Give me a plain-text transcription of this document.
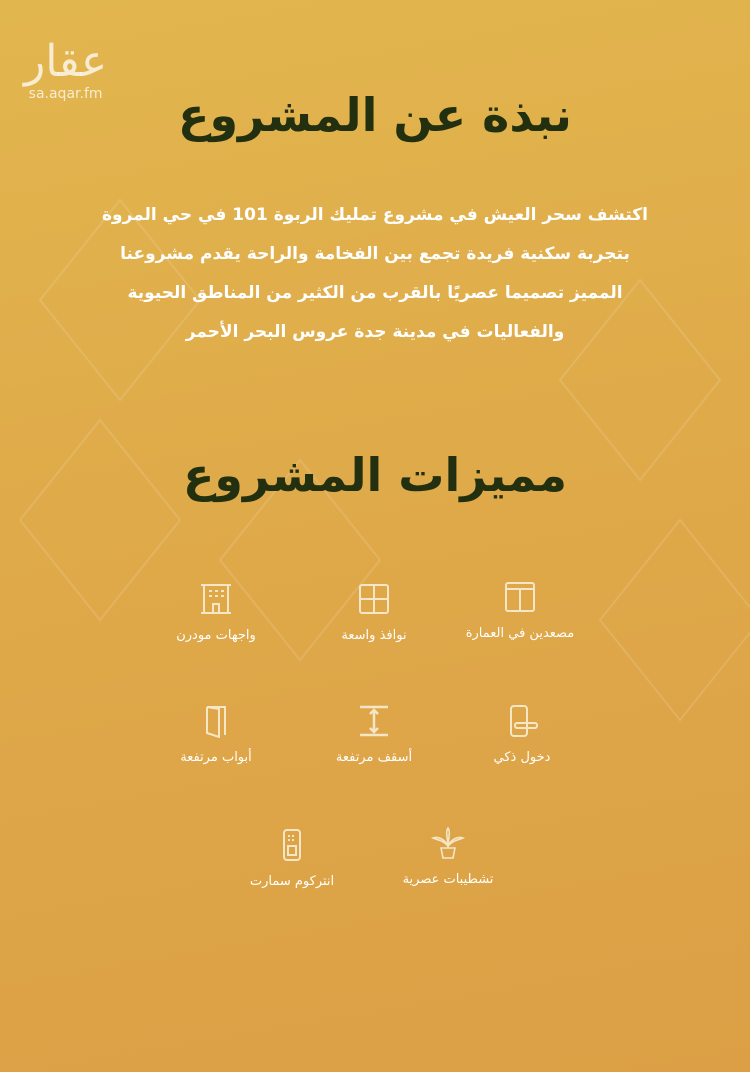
عقار
sa.aqar.fm	نبذة عن المشروع

اكتشف سحر العيش في مشروع تمليك الربوة 101 في حي المروة

بتجربة سكنية فريدة تجمع بين الفخامة والراحة يقدم مشروعنا

المميز تصميما عصريًا بالقرب من الكثير من المناطق الحيوية

والفعاليات في مدينة جدة عروس البحر الأحمر

مميزات المشروع
مصعدين في العمارة
نوافذ واسعة
واجهات مودرن
دخول ذكي
أسقف مرتفعة
أبواب مرتفعة
تشطيبات عصرية
انتركوم سمارت
